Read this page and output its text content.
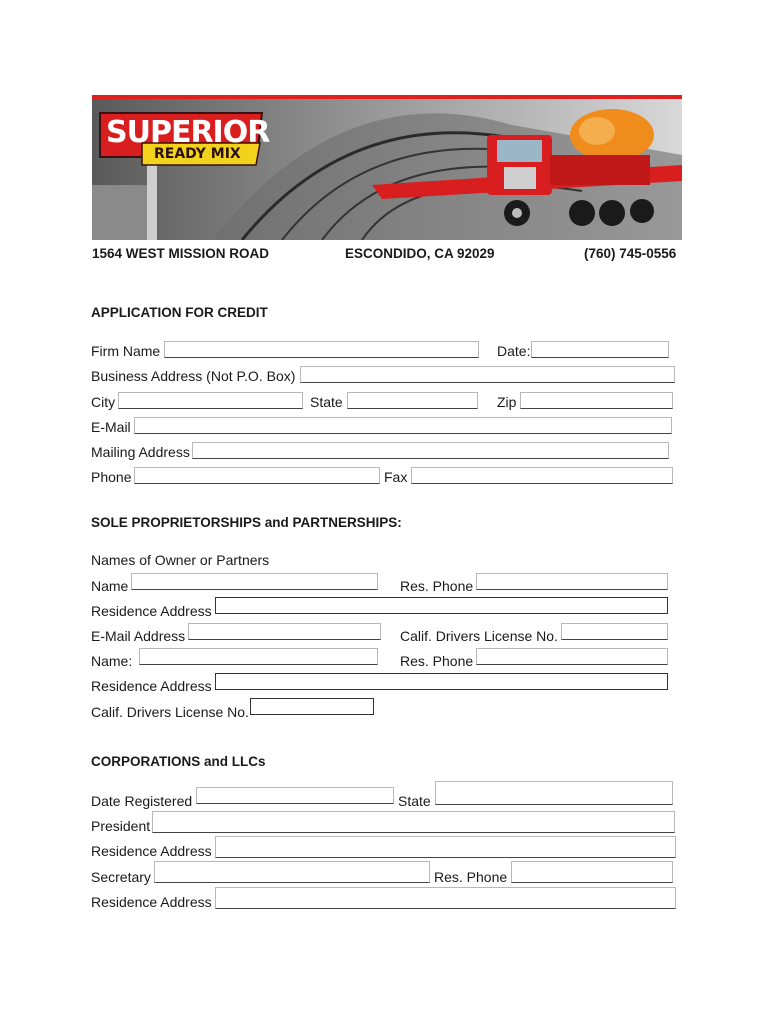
SUPERIOR
READY MIX
1564 WEST MISSION ROAD	ESCONDIDO, CA 92029	(760) 745-0556
APPLICATION FOR CREDIT
Firm Name	Date:
Business Address (Not P.O. Box)
City	State	Zip
E-Mail
Mailing Address
Phone	Fax
SOLE PROPRIETORSHIPS and PARTNERSHIPS:
Names of Owner or Partners
Name	Res. Phone
Residence Address
E-Mail Address	Calif. Drivers License No.
Name:	Res. Phone
Residence Address
Calif. Drivers License No.
CORPORATIONS and LLCs
Date Registered	State
President
Residence Address
Secretary	Res. Phone
Residence Address
